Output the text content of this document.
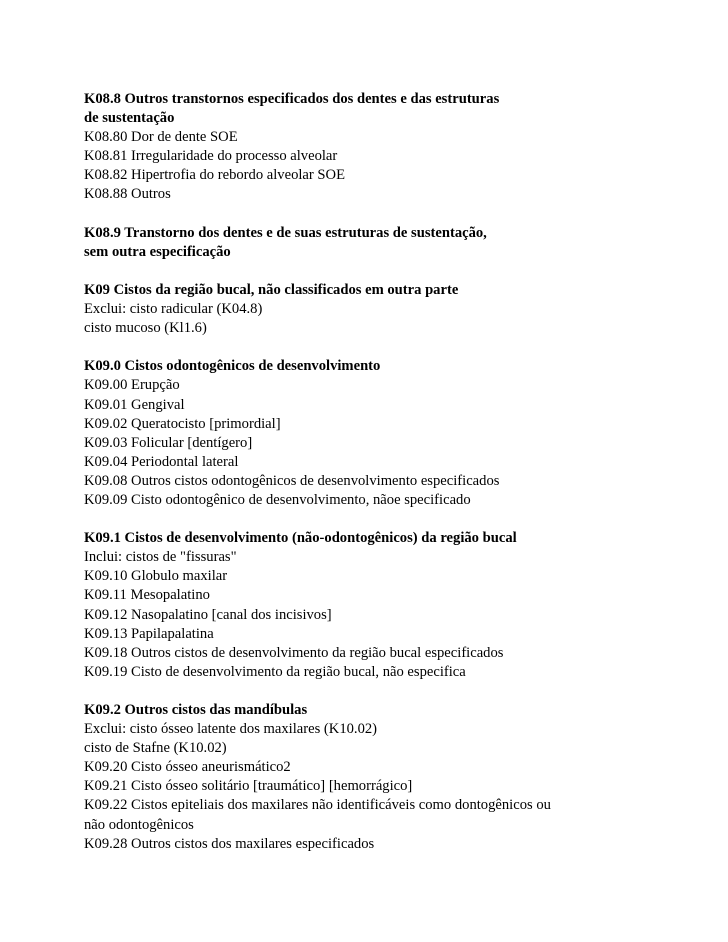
K08.8 Outros transtornos especificados dos dentes e das estruturas
de sustentação
K08.80 Dor de dente SOE
K08.81 Irregularidade do processo alveolar
K08.82 Hipertrofia do rebordo alveolar SOE
K08.88 Outros
K08.9 Transtorno dos dentes e de suas estruturas de sustentação,
sem outra especificação
K09 Cistos da região bucal, não classificados em outra parte
Exclui: cisto radicular (K04.8)
cisto mucoso (Kl1.6)
K09.0 Cistos odontogênicos de desenvolvimento
K09.00 Erupção
K09.01 Gengival
K09.02 Queratocisto [primordial]
K09.03 Folicular [dentígero]
K09.04 Periodontal lateral
K09.08 Outros cistos odontogênicos de desenvolvimento especificados
K09.09 Cisto odontogênico de desenvolvimento, nãoe specificado
K09.1 Cistos de desenvolvimento (não-odontogênicos) da região bucal
Inclui: cistos de "fissuras"
K09.10 Globulo maxilar
K09.11 Mesopalatino
K09.12 Nasopalatino [canal dos incisivos]
K09.13 Papilapalatina
K09.18 Outros cistos de desenvolvimento da região bucal especificados
K09.19 Cisto de desenvolvimento da região bucal, não especifica
K09.2 Outros cistos das mandíbulas
Exclui: cisto ósseo latente dos maxilares (K10.02)
cisto de Stafne (K10.02)
K09.20 Cisto ósseo aneurismático2
K09.21 Cisto ósseo solitário [traumático] [hemorrágico]
K09.22 Cistos epiteliais dos maxilares não identificáveis como dontogênicos ou
não odontogênicos
K09.28 Outros cistos dos maxilares especificados
